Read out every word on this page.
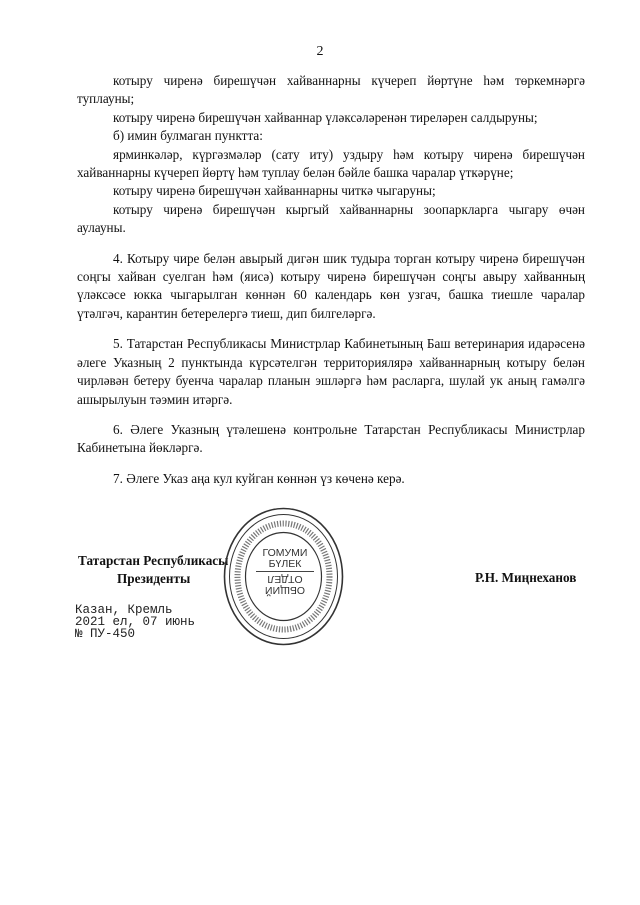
2

котыру чиренә бирешүчән хайваннарны күчереп йөртүне һәм төркемнәргә туплауны;

котыру чиренә бирешүчән хайваннар үләксәләренән тиреләрен салдыруны;

б) имин булмаган пунктта:

ярминкәләр, күргәзмәләр (сату иту) уздыру һәм котыру чиренә бирешүчән хайваннарны күчереп йөртү һәм туплау белән бәйле башка чаралар үткәрүне;

котыру чиренә бирешүчән хайваннарны читкә чыгаруны;

котыру чиренә бирешүчән кыргый хайваннарны зоопаркларга чыгару өчән аулауны.

4. Котыру чире белән авырый дигән шик тудыра торган котыру чиренә бирешүчән соңгы хайван суелган һәм (яисә) котыру чиренә бирешүчән соңгы авыру хайванның үләксәсе юкка чыгарылган көннән 60 календарь көн узгач, башка тиешле чаралар үтәлгәч, карантин бетерелергә тиеш, дип билгеләргә.

5. Татарстан Республикасы Министрлар Кабинетының Баш ветеринария идарәсенә әлеге Указның 2 пунктында күрсәтелгән территориялярә хайваннарның котыру белән чирләвән бетеру буенча чаралар планын эшләргә һәм расларга, шулай ук аның гамәлгә ашырылуын тәэмин итәргә.

6. Әлеге Указның үтәлешенә контрольне Татарстан Республикасы Министрлар Кабинетына йөкләргә.

7. Әлеге Указ аңа кул куйган көннән үз көченә керә.

Татарстан Республикасы
Президенты
ГОМУМИ
БҮЛЕК
ОТДЕЛ
ОБЩИЙ
Р.Н. Миңнеханов
Казан, Кремль
2021 ел, 07 июнь
№ ПУ-450
